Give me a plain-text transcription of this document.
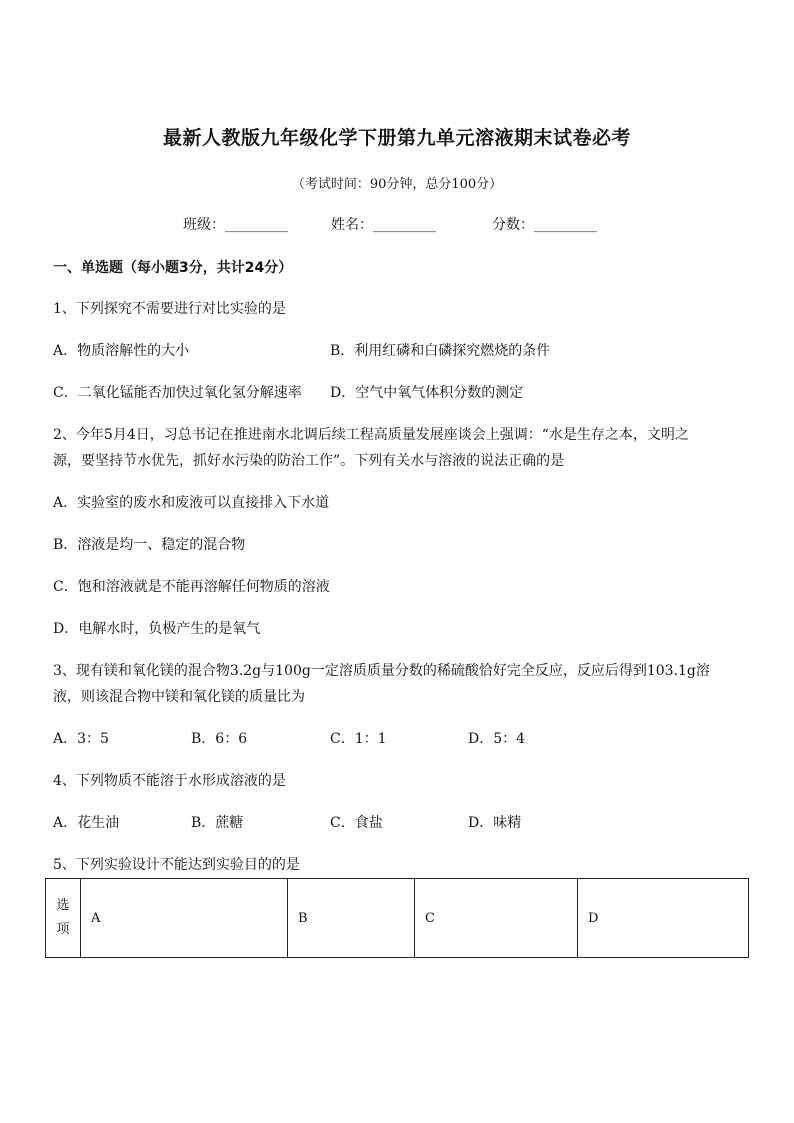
最新人教版九年级化学下册第九单元溶液期末试卷必考
（考试时间：90分钟，总分100分）
班级：_________	姓名：_________	分数：_________
一、单选题（每小题3分，共计24分）
1、下列探究不需要进行对比实验的是
A．物质溶解性的大小	B．利用红磷和白磷探究燃烧的条件
C．二氧化锰能否加快过氧化氢分解速率 D．空气中氧气体积分数的测定
2、今年5月4日，习总书记在推进南水北调后续工程高质量发展座谈会上强调：“水是生存之本，文明之
源，要坚持节水优先，抓好水污染的防治工作”。下列有关水与溶液的说法正确的是
A．实验室的废水和废液可以直接排入下水道
B．溶液是均一、稳定的混合物
C．饱和溶液就是不能再溶解任何物质的溶液
D．电解水时，负极产生的是氧气
3、现有镁和氧化镁的混合物3.2g与100g一定溶质质量分数的稀硫酸恰好完全反应，反应后得到103.1g溶
液，则该混合物中镁和氧化镁的质量比为
A．3：5	B．6：6	C．1：1	D．5：4
4、下列物质不能溶于水形成溶液的是
A．花生油	B．蔗糖	C．食盐	D．味精
5、下列实验设计不能达到实验目的的是
选
项
	A	B	C	D
